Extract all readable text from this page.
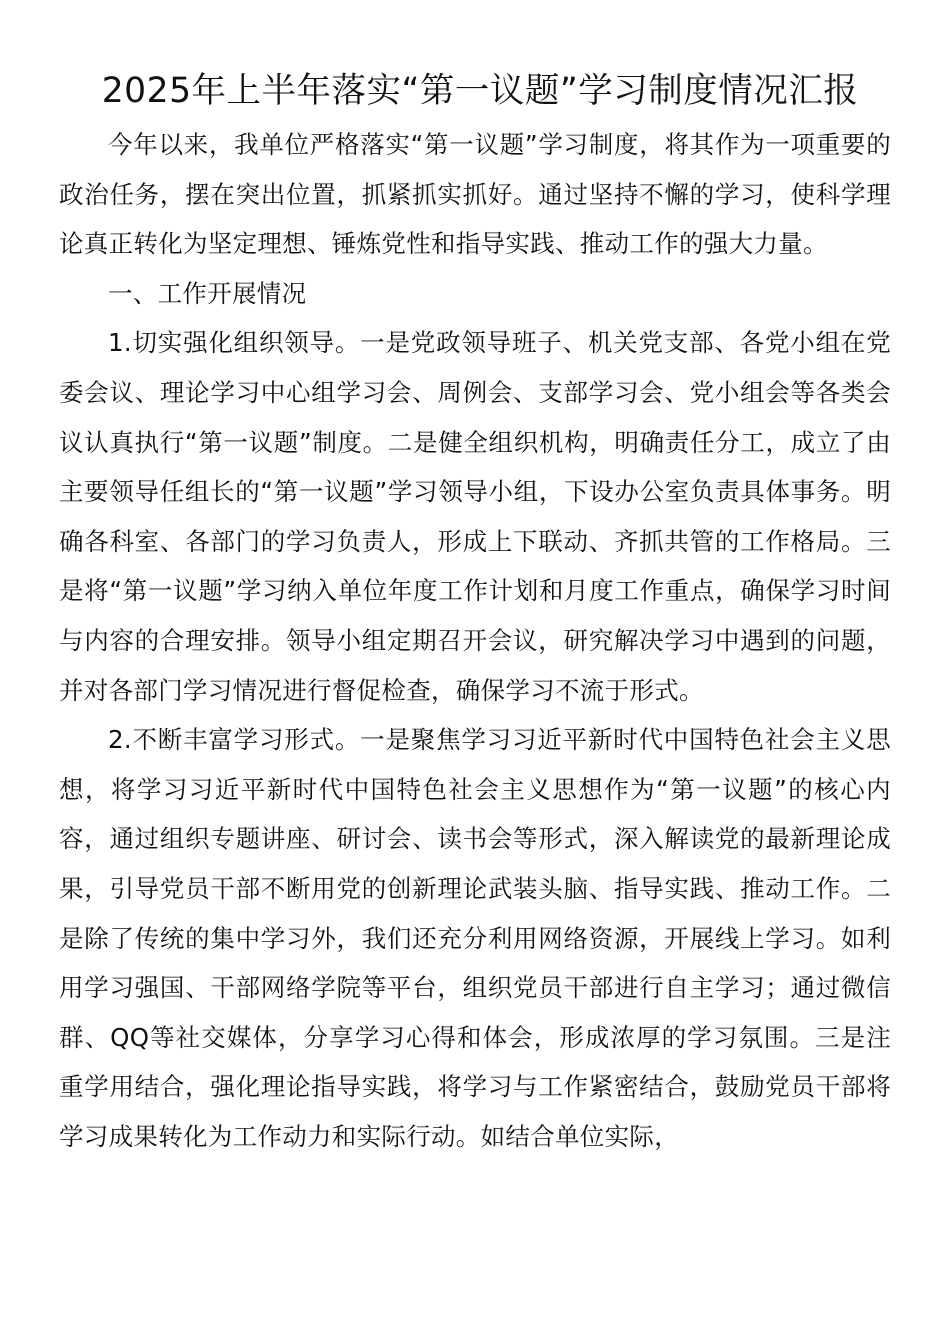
2025年上半年落实“第一议题”学习制度情况汇报

今年以来，我单位严格落实“第一议题”学习制度，将其作为一项重要的政治任务，摆在突出位置，抓紧抓实抓好。通过坚持不懈的学习，使科学理论真正转化为坚定理想、锤炼党性和指导实践、推动工作的强大力量。

一、工作开展情况

1.切实强化组织领导。一是党政领导班子、机关党支部、各党小组在党委会议、理论学习中心组学习会、周例会、支部学习会、党小组会等各类会议认真执行“第一议题”制度。二是健全组织机构，明确责任分工，成立了由主要领导任组长的“第一议题”学习领导小组，下设办公室负责具体事务。明确各科室、各部门的学习负责人，形成上下联动、齐抓共管的工作格局。三是将“第一议题”学习纳入单位年度工作计划和月度工作重点，确保学习时间与内容的合理安排。领导小组定期召开会议，研究解决学习中遇到的问题，并对各部门学习情况进行督促检查，确保学习不流于形式。

2.不断丰富学习形式。一是聚焦学习习近平新时代中国特色社会主义思想，将学习习近平新时代中国特色社会主义思想作为“第一议题”的核心内容，通过组织专题讲座、研讨会、读书会等形式，深入解读党的最新理论成果，引导党员干部不断用党的创新理论武装头脑、指导实践、推动工作。二是除了传统的集中学习外，我们还充分利用网络资源，开展线上学习。如利用学习强国、干部网络学院等平台，组织党员干部进行自主学习；通过微信群、QQ等社交媒体，分享学习心得和体会，形成浓厚的学习氛围。三是注重学用结合，强化理论指导实践，将学习与工作紧密结合，鼓励党员干部将学习成果转化为工作动力和实际行动。如结合单位实际，
